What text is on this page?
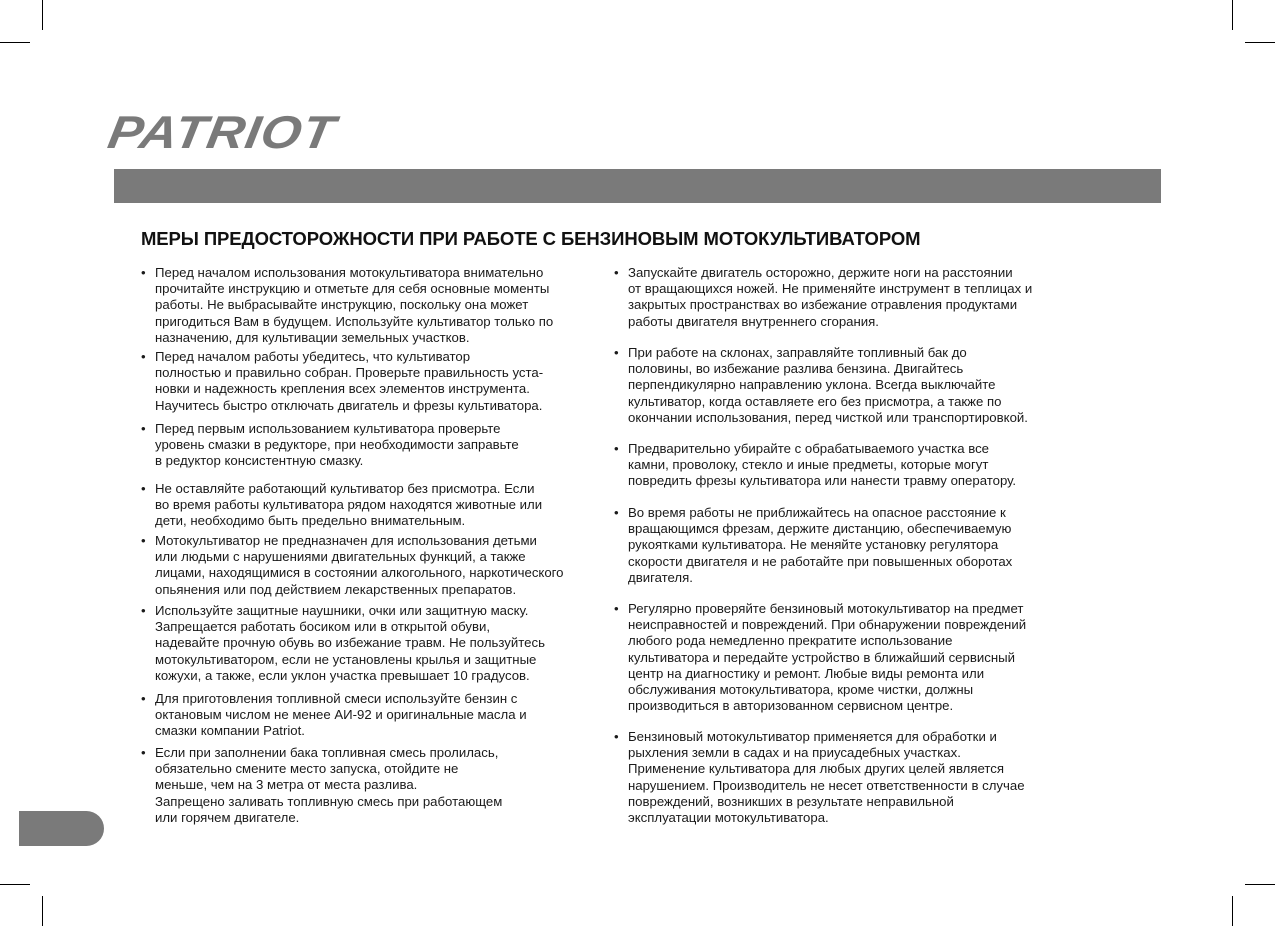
PATRIOT
МЕРЫ ПРЕДОСТОРОЖНОСТИ ПРИ РАБОТЕ С БЕНЗИНОВЫМ МОТОКУЛЬТИВАТОРОМ
• Перед началом использования мотокультиватора внимательно
прочитайте инструкцию и отметьте для себя основные моменты
работы. Не выбрасывайте инструкцию, поскольку она может
пригодиться Вам в будущем. Используйте культиватор только по
назначению, для культивации земельных участков.
• Перед началом работы убедитесь, что культиватор
полностью и правильно собран. Проверьте правильность уста-
новки и надежность крепления всех элементов инструмента.
Научитесь быстро отключать двигатель и фрезы культиватора.
• Перед первым использованием культиватора проверьте
уровень смазки в редукторе, при необходимости заправьте
в редуктор консистентную смазку.
• Не оставляйте работающий культиватор без присмотра. Если
во время работы культиватора рядом находятся животные или
дети, необходимо быть предельно внимательным.
• Мотокультиватор не предназначен для использования детьми
или людьми с нарушениями двигательных функций, а также
лицами, находящимися в состоянии алкогольного, наркотического
опьянения или под действием лекарственных препаратов.
• Используйте защитные наушники, очки или защитную маску.
Запрещается работать босиком или в открытой обуви,
надевайте прочную обувь во избежание травм. Не пользуйтесь
мотокультиватором, если не установлены крылья и защитные
кожухи, а также, если уклон участка превышает 10 градусов.
• Для приготовления топливной смеси используйте бензин с
октановым числом не менее АИ-92 и оригинальные масла и
смазки компании Patriot.
• Если при заполнении бака топливная смесь пролилась,
обязательно смените место запуска, отойдите не
меньше, чем на 3 метра от места разлива.
Запрещено заливать топливную смесь при работающем
или горячем двигателе.
• Запускайте двигатель осторожно, держите ноги на расстоянии
от вращающихся ножей. Не применяйте инструмент в теплицах и
закрытых пространствах во избежание отравления продуктами
работы двигателя внутреннего сгорания.
• При работе на склонах, заправляйте топливный бак до
половины, во избежание разлива бензина. Двигайтесь
перпендикулярно направлению уклона. Всегда выключайте
культиватор, когда оставляете его без присмотра, а также по
окончании использования, перед чисткой или транспортировкой.
• Предварительно убирайте с обрабатываемого участка все
камни, проволоку, стекло и иные предметы, которые могут
повредить фрезы культиватора или нанести травму оператору.
• Во время работы не приближайтесь на опасное расстояние к
вращающимся фрезам, держите дистанцию, обеспечиваемую
рукоятками культиватора. Не меняйте установку регулятора
скорости двигателя и не работайте при повышенных оборотах
двигателя.
• Регулярно проверяйте бензиновый мотокультиватор на предмет
неисправностей и повреждений. При обнаружении повреждений
любого рода немедленно прекратите использование
культиватора и передайте устройство в ближайший сервисный
центр на диагностику и ремонт. Любые виды ремонта или
обслуживания мотокультиватора, кроме чистки, должны
производиться в авторизованном сервисном центре.
• Бензиновый мотокультиватор применяется для обработки и
рыхления земли в садах и на приусадебных участках.
Применение культиватора для любых других целей является
нарушением. Производитель не несет ответственности в случае
повреждений, возникших в результате неправильной
эксплуатации мотокультиватора.
